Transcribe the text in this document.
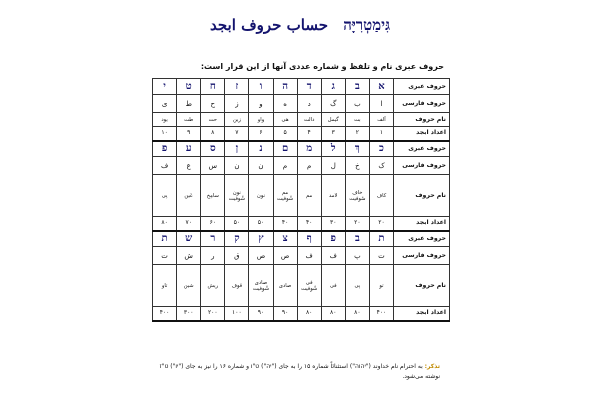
גִּימַטְרִיָּה حساب حروف ابجد
حروف عبری نام و تلفظ و شماره عددی آنها از این قرار است:
حروف عبری	א	ב	ג	ד	ה	ו	ז	ח	ט	י
حروف فارسی	ا	ب	گ	د	ه	و	ز	ح	ط	ی
نام حروف	آلف	بت	گیمل	دالت	هی	واو	زین	حت	طت	یود
اعداد ابجد	۱	۲	۳	۴	۵	۶	۷	۸	۹	۱۰
حروف عبری	כ	ךְ	ל	מ	ם	נ	ן	ס	ע	פ
حروف فارسی	ک	خ	ل	م	م	ن	ن	س	ع	ف
نام حروف	کاف	خاف سُوفیت	لامد	مم	مم شُوفیت	نون	نون شُوفیت	سامِخ	عَین	پی
اعداد ابجد	۲۰	۲۰	۳۰	۴۰	۴۰	۵۰	۵۰	۶۰	۷۰	۸۰
حروف عبری	ת	ב	פ	ף	צ	ץ	ק	ר	ש	ת
حروف فارسی	ت	پ	ف	ف	ص	ص	ق	ر	ش	ت
نام حروف	تو	پی	فی	فی شُوفیت	صادی	صادی شُوفیت	قوف	ریش	شین	تاو
اعداد ابجد	۴۰۰	۸۰	۸۰	۸۰	۹۰	۹۰	۱۰۰	۲۰۰	۳۰۰	۴۰۰
تذکر: به احترام نام خداوند ("יהוה") استثنائاً شماره ۱۵ را به جای ("יה") ט"ו و شماره ۱۶ را نیز به جای ("יו") ט"ז نوشته می‌شود.
